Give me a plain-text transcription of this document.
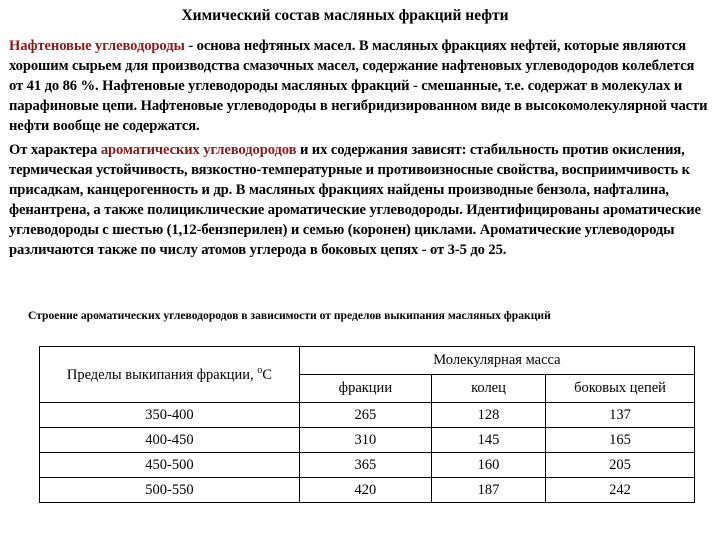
Химический состав масляных фракций нефти
Нафтеновые углеводороды - основа нефтяных масел. В масляных фракциях нефтей, которые являются хорошим сырьем для производства смазочных масел, содержание нафтеновых углеводородов колеблется от 41 до 86 %. Нафтеновые углеводороды масляных фракций - смешанные, т.е. содержат в молекулах и парафиновые цепи. Нафтеновые углеводороды в негибридизированном виде в высокомолекулярной части нефти вообще не содержатся.
От характера ароматических углеводородов и их содержания зависят: стабильность против окисления, термическая устойчивость, вязкостно-температурные и противоизносные свойства, восприимчивость к присадкам, канцерогенность и др. В масляных фракциях найдены производные бензола, нафталина, фенантрена, а также полициклические ароматические углеводороды. Идентифицированы ароматические углеводороды с шестью (1,12-бензперилен) и семью (коронен) циклами. Ароматические углеводороды различаются также по числу атомов углерода в боковых цепях - от 3-5 до 25.
Строение ароматических углеводородов в зависимости от пределов выкипания масляных фракций
Пределы выкипания фракции, $^о$С	Молекулярная масса		
	фракции	колец	боковых цепей
350-400	265	128	137
400-450	310	145	165
450-500	365	160	205
500-550	420	187	242
